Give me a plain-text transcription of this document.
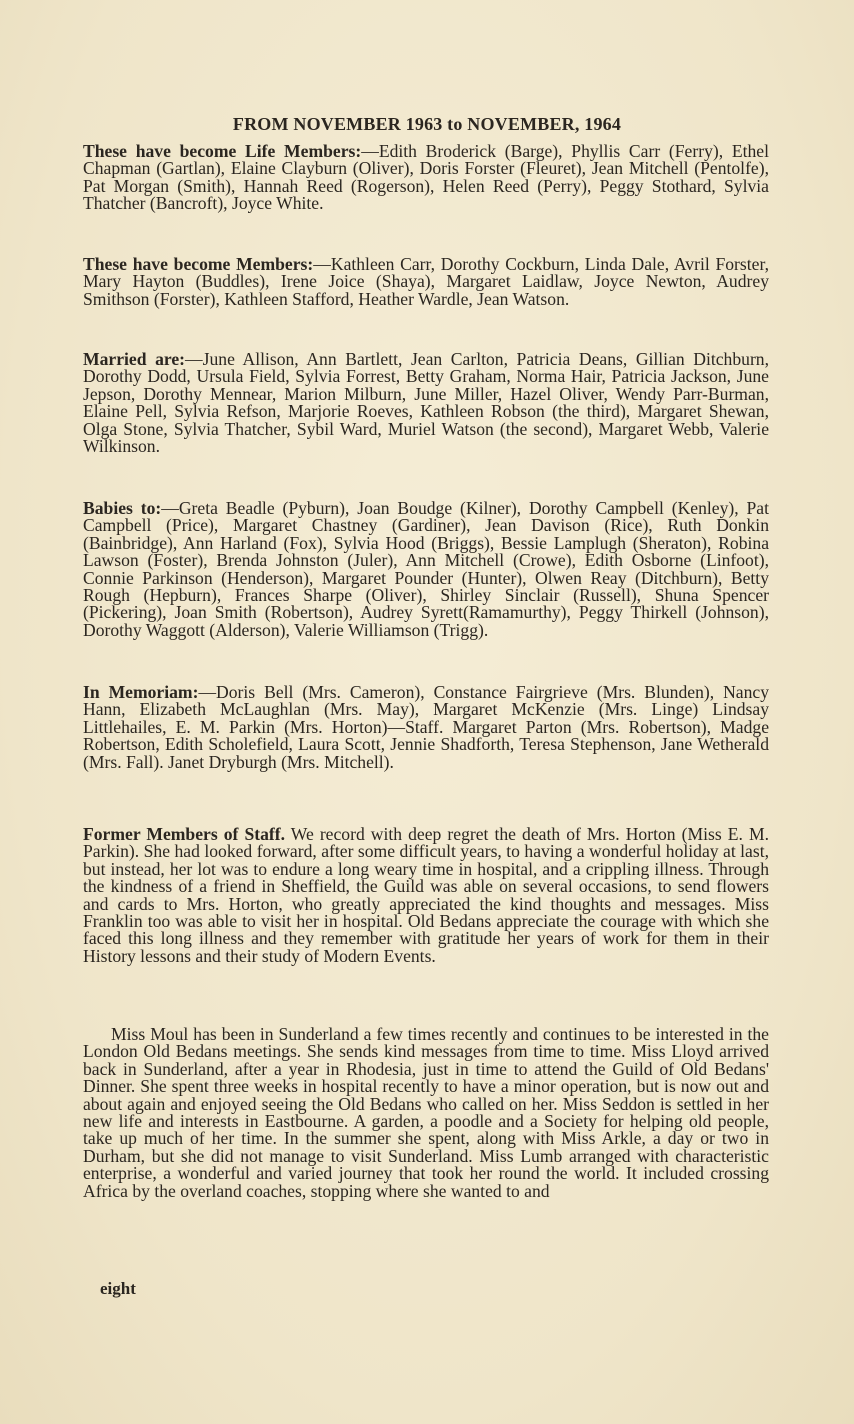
FROM NOVEMBER 1963 to NOVEMBER, 1964

These have become Life Members:—Edith Broderick (Barge), Phyllis Carr (Ferry), Ethel Chapman (Gartlan), Elaine Clayburn (Oliver), Doris Forster (Fleuret), Jean Mitchell (Pentolfe), Pat Morgan (Smith), Hannah Reed (Rogerson), Helen Reed (Perry), Peggy Stothard, Sylvia Thatcher (Bancroft), Joyce White.

These have become Members:—Kathleen Carr, Dorothy Cockburn, Linda Dale, Avril Forster, Mary Hayton (Buddles), Irene Joice (Shaya), Margaret Laidlaw, Joyce Newton, Audrey Smithson (Forster), Kathleen Stafford, Heather Wardle, Jean Watson.

Married are:—June Allison, Ann Bartlett, Jean Carlton, Patricia Deans, Gillian Ditchburn, Dorothy Dodd, Ursula Field, Sylvia Forrest, Betty Graham, Norma Hair, Patricia Jackson, June Jepson, Dorothy Mennear, Marion Milburn, June Miller, Hazel Oliver, Wendy Parr-Burman, Elaine Pell, Sylvia Refson, Marjorie Roeves, Kathleen Robson (the third), Margaret Shewan, Olga Stone, Sylvia Thatcher, Sybil Ward, Muriel Watson (the second), Margaret Webb, Valerie Wilkinson.

Babies to:—Greta Beadle (Pyburn), Joan Boudge (Kilner), Dorothy Campbell (Kenley), Pat Campbell (Price), Margaret Chastney (Gardiner), Jean Davison (Rice), Ruth Donkin (Bainbridge), Ann Harland (Fox), Sylvia Hood (Briggs), Bessie Lamplugh (Sheraton), Robina Lawson (Foster), Brenda Johnston (Juler), Ann Mitchell (Crowe), Edith Osborne (Linfoot), Connie Parkinson (Henderson), Margaret Pounder (Hunter), Olwen Reay (Ditchburn), Betty Rough (Hepburn), Frances Sharpe (Oliver), Shirley Sinclair (Russell), Shuna Spencer (Pickering), Joan Smith (Robertson), Audrey Syrett(Ramamurthy), Peggy Thirkell (Johnson), Dorothy Waggott (Alderson), Valerie Williamson (Trigg).

In Memoriam:—Doris Bell (Mrs. Cameron), Constance Fairgrieve (Mrs. Blunden), Nancy Hann, Elizabeth McLaughlan (Mrs. May), Margaret McKenzie (Mrs. Linge) Lindsay Littlehailes, E. M. Parkin (Mrs. Horton)—Staff. Margaret Parton (Mrs. Robertson), Madge Robertson, Edith Scholefield, Laura Scott, Jennie Shadforth, Teresa Stephenson, Jane Wetherald (Mrs. Fall). Janet Dryburgh (Mrs. Mitchell).

Former Members of Staff. We record with deep regret the death of Mrs. Horton (Miss E. M. Parkin). She had looked forward, after some difficult years, to having a wonderful holiday at last, but instead, her lot was to endure a long weary time in hospital, and a crippling illness. Through the kindness of a friend in Sheffield, the Guild was able on several occasions, to send flowers and cards to Mrs. Horton, who greatly appreciated the kind thoughts and messages. Miss Franklin too was able to visit her in hospital. Old Bedans appreciate the courage with which she faced this long illness and they remember with gratitude her years of work for them in their History lessons and their study of Modern Events.

Miss Moul has been in Sunderland a few times recently and continues to be interested in the London Old Bedans meetings. She sends kind messages from time to time. Miss Lloyd arrived back in Sunderland, after a year in Rhodesia, just in time to attend the Guild of Old Bedans' Dinner. She spent three weeks in hospital recently to have a minor operation, but is now out and about again and enjoyed seeing the Old Bedans who called on her. Miss Seddon is settled in her new life and interests in Eastbourne. A garden, a poodle and a Society for helping old people, take up much of her time. In the summer she spent, along with Miss Arkle, a day or two in Durham, but she did not manage to visit Sunderland. Miss Lumb arranged with characteristic enterprise, a wonderful and varied journey that took her round the world. It included crossing Africa by the overland coaches, stopping where she wanted to and

eight
